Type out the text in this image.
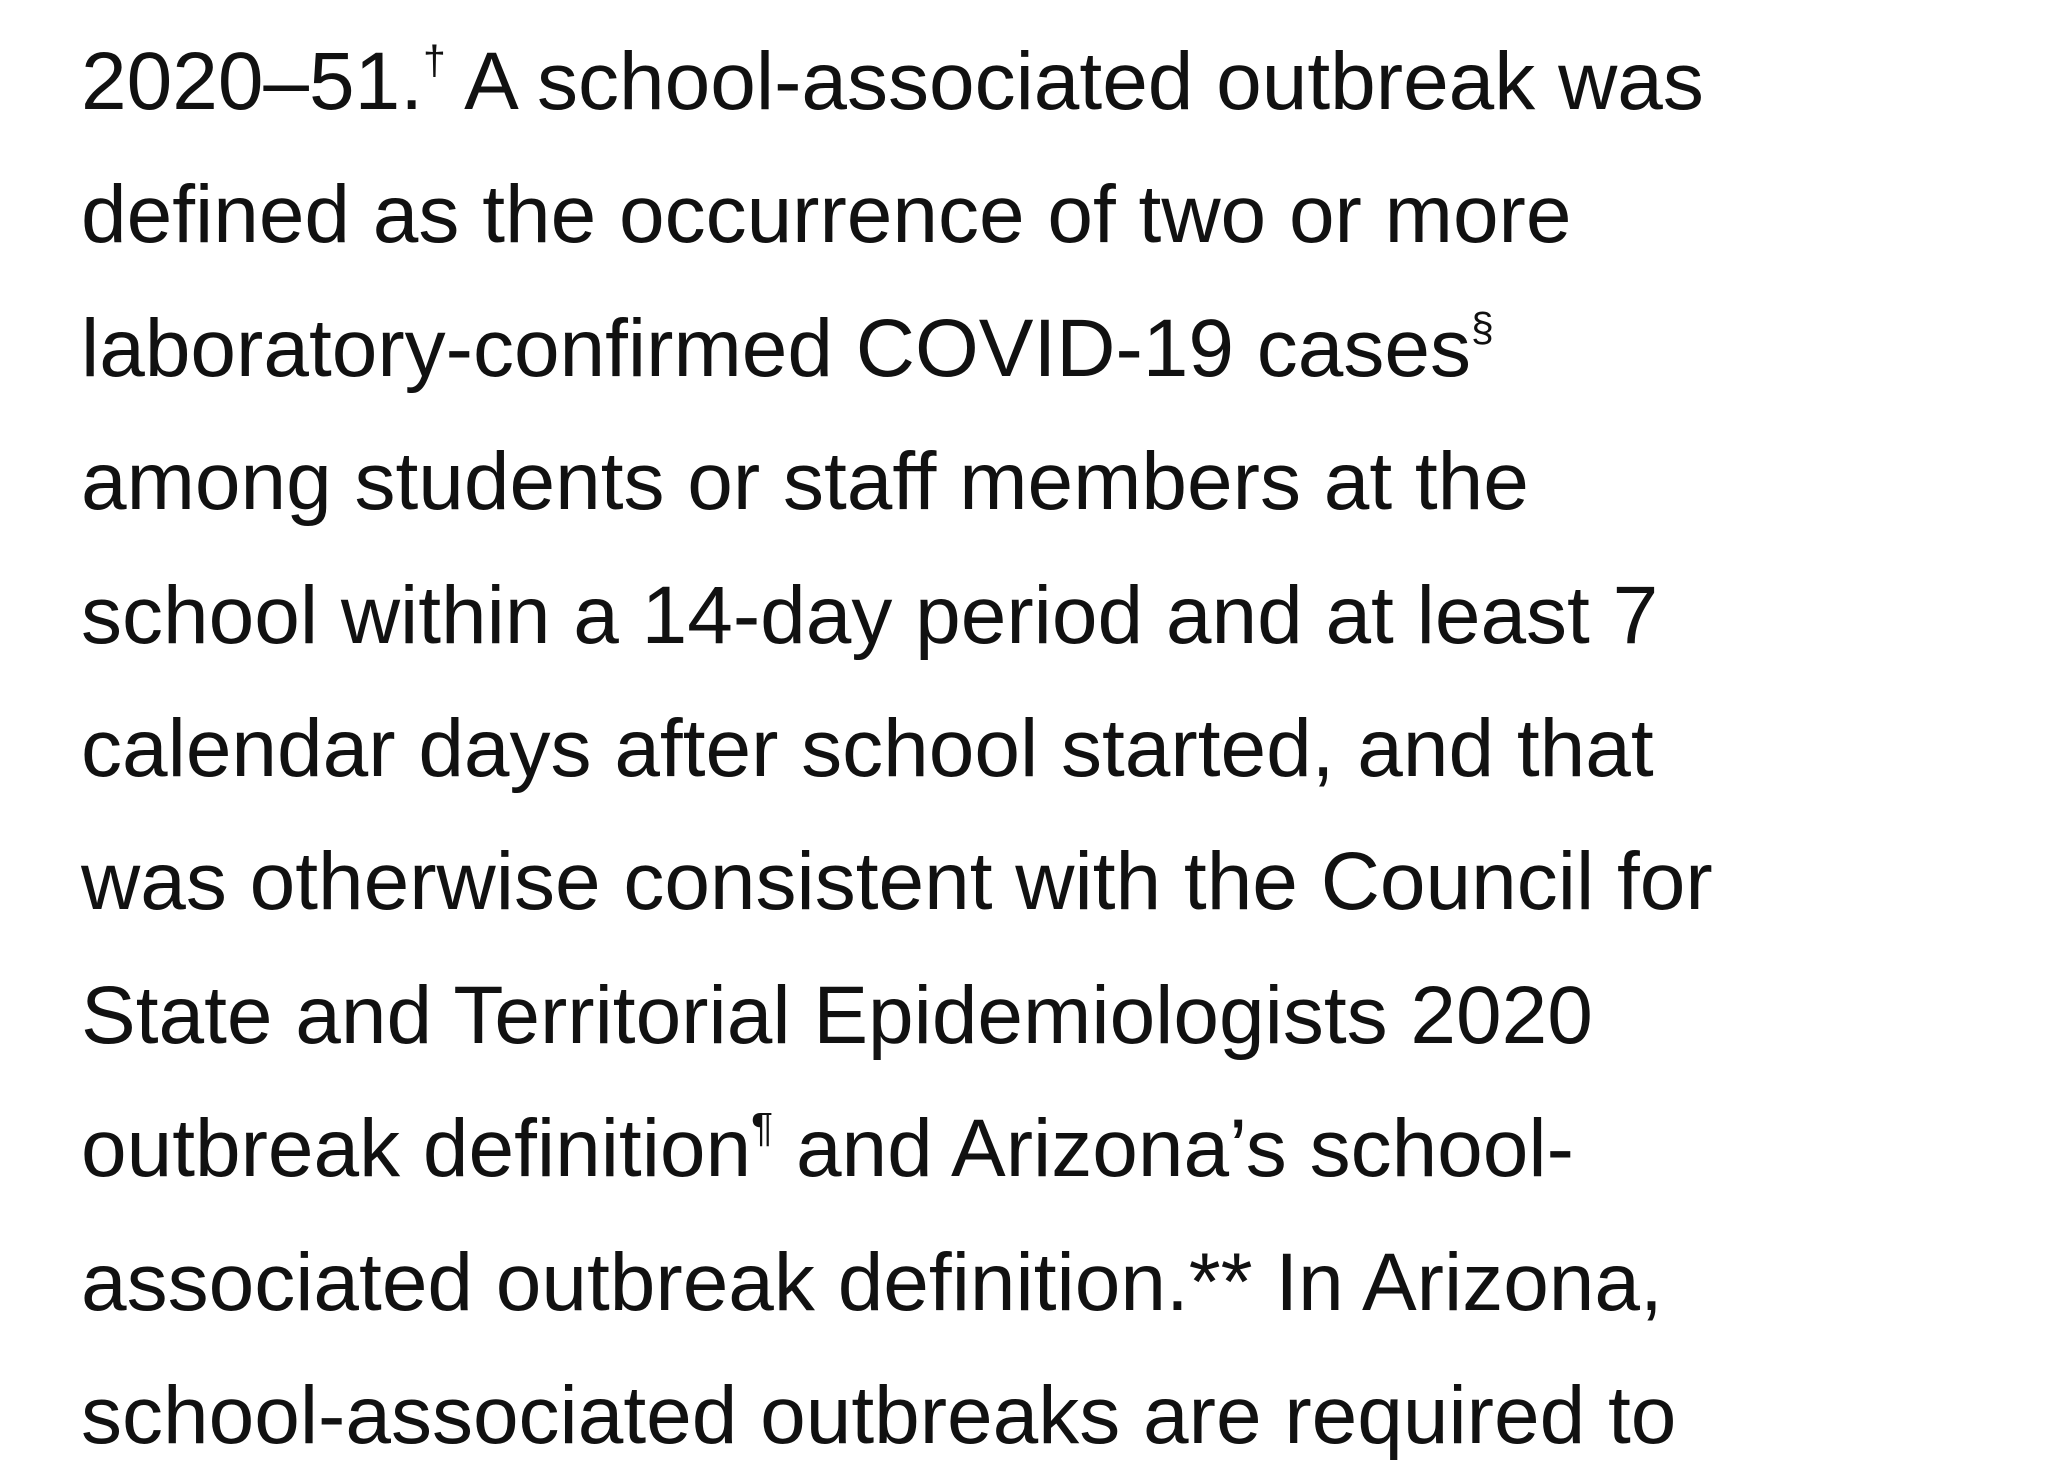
2020–51.† A school-associated outbreak was
defined as the occurrence of two or more
laboratory-confirmed COVID-19 cases§
among students or staff members at the
school within a 14-day period and at least 7
calendar days after school started, and that
was otherwise consistent with the Council for
State and Territorial Epidemiologists 2020
outbreak definition¶ and Arizona’s school-
associated outbreak definition.** In Arizona,
school-associated outbreaks are required to
